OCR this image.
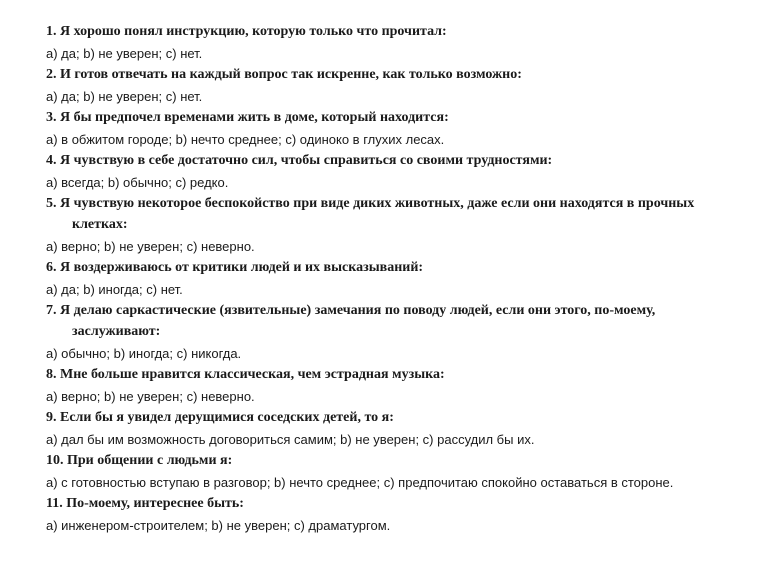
1. Я хорошо понял инструкцию, которую только что прочитал:

a) да; b) не уверен; c) нет.

2. И готов отвечать на каждый вопрос так искренне, как только возможно:

a) да; b) не уверен; c) нет.

3. Я бы предпочел временами жить в доме, который находится:

a) в обжитом городе; b) нечто среднее; c) одиноко в глухих лесах.

4. Я чувствую в себе достаточно сил, чтобы справиться со своими трудностями:

a) всегда; b) обычно; c) редко.

5. Я чувствую некоторое беспокойство при виде диких животных, даже если они находятся в прочных клетках:

a) верно; b) не уверен; c) неверно.

6. Я воздерживаюсь от критики людей и их высказываний:

a) да; b) иногда; c) нет.

7. Я делаю саркастические (язвительные) замечания по поводу людей, если они этого, по-моему, заслуживают:

a) обычно; b) иногда; c) никогда.

8. Мне больше нравится классическая, чем эстрадная музыка:

a) верно; b) не уверен; c) неверно.

9. Если бы я увидел дерущимися соседских детей, то я:

a) дал бы им возможность договориться самим; b) не уверен; c) рассудил бы их.

10. При общении с людьми я:

a) с готовностью вступаю в разговор; b) нечто среднее; c) предпочитаю спокойно оставаться в стороне.

11. По-моему, интереснее быть:

a) инженером-строителем; b) не уверен; c) драматургом.
